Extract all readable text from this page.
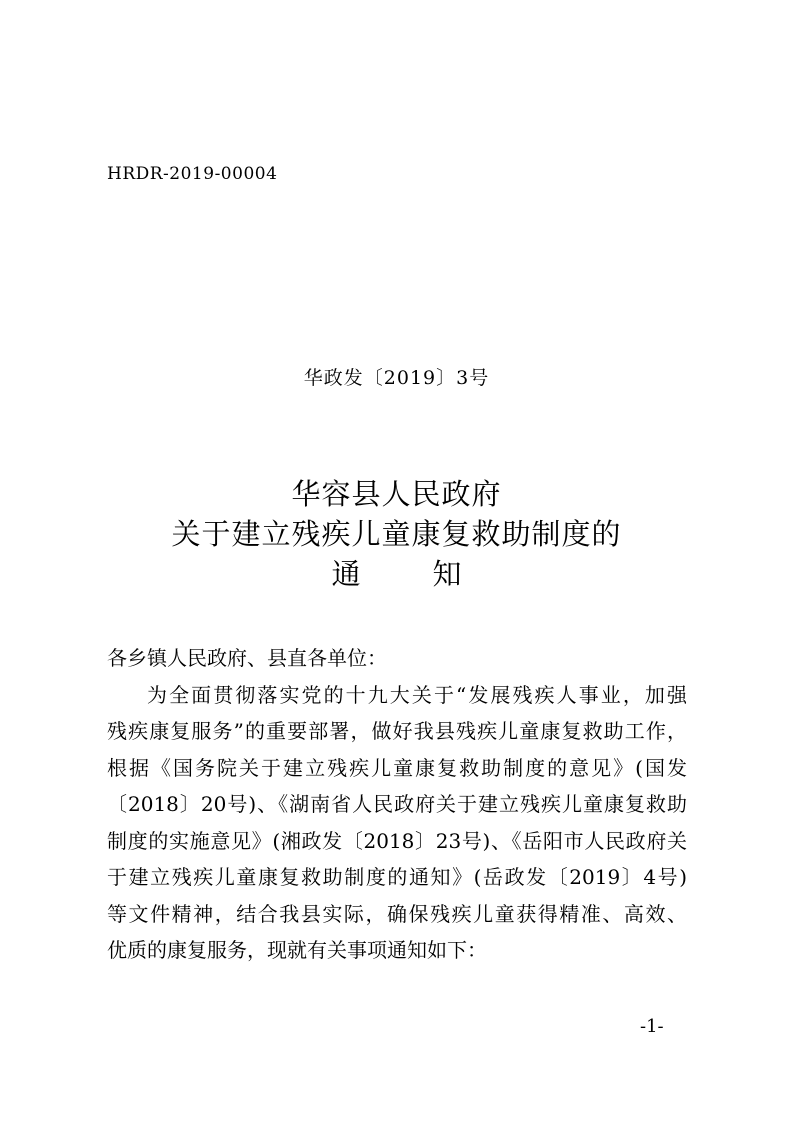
HRDR-2019-00004
华政发〔2019〕3号
华容县人民政府
关于建立残疾儿童康复救助制度的
通 知
各乡镇人民政府、县直各单位：
为全面贯彻落实党的十九大关于“发展残疾人事业，加强
残疾康复服务”的重要部署，做好我县残疾儿童康复救助工作，
根据《国务院关于建立残疾儿童康复救助制度的意见》(国发
〔2018〕20号)、《湖南省人民政府关于建立残疾儿童康复救助
制度的实施意见》(湘政发〔2018〕23号)、《岳阳市人民政府关
于建立残疾儿童康复救助制度的通知》(岳政发〔2019〕4号)
等文件精神，结合我县实际，确保残疾儿童获得精准、高效、
优质的康复服务，现就有关事项通知如下：
-1-
